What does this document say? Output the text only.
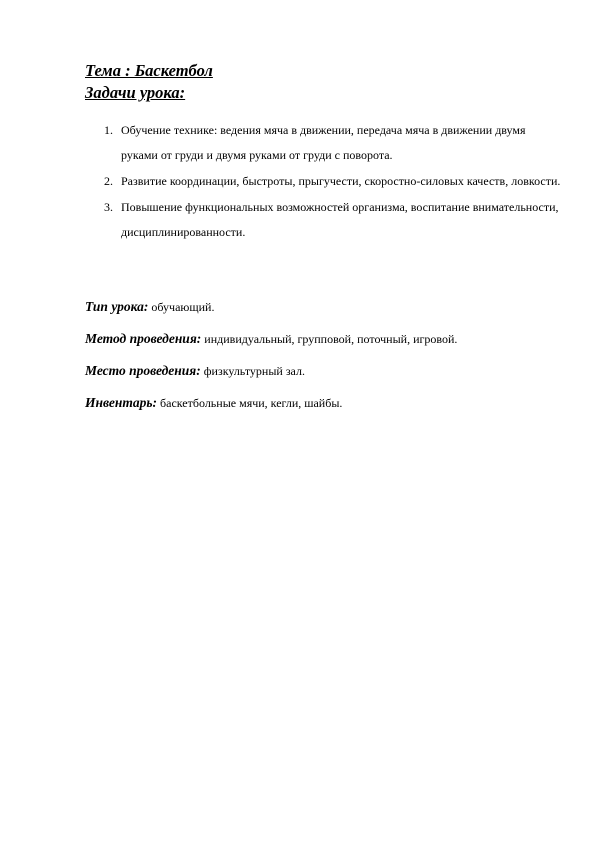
Тема : Баскетбол
Задачи урока:
1. Обучение технике: ведения мяча в движении, передача мяча в движении двумя руками от груди и двумя руками от груди с поворота.
2. Развитие координации, быстроты, прыгучести, скоростно-силовых качеств, ловкости.
3. Повышение функциональных возможностей организма, воспитание внимательности, дисциплинированности.
Тип урока: обучающий.
Метод проведения: индивидуальный, групповой, поточный, игровой.
Место проведения: физкультурный зал.
Инвентарь: баскетбольные мячи, кегли, шайбы.
